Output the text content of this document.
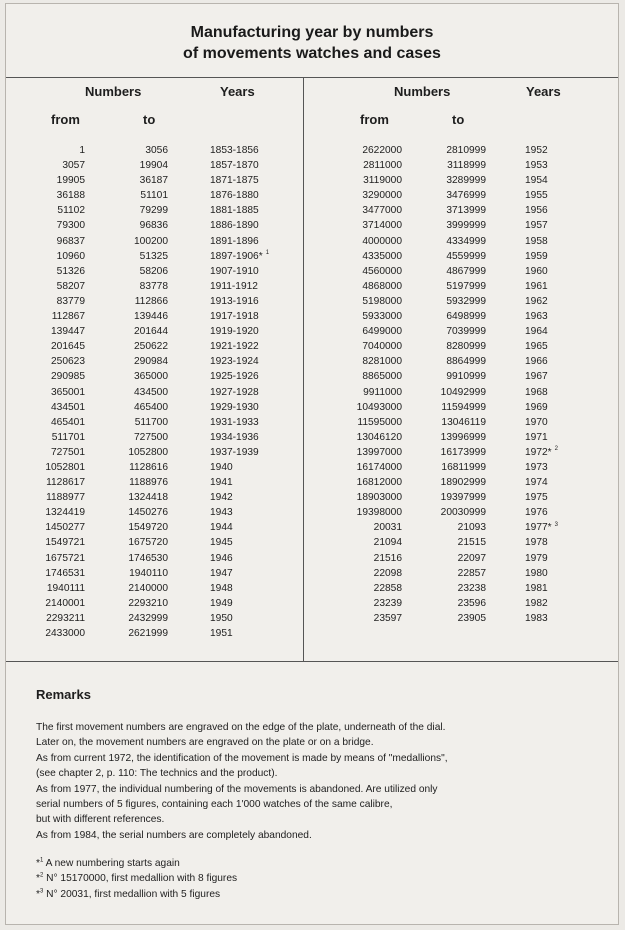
Manufacturing year by numbers
of movements watches and cases
Numbers	Years
from	to
Numbers	Years
from	to
1	3056	1853-1856
3057	19904	1857-1870
19905	36187	1871-1875
36188	51101	1876-1880
51102	79299	1881-1885
79300	96836	1886-1890
96837	100200	1891-1896
10960	51325	1897-1906* $^1$
51326	58206	1907-1910
58207	83778	1911-1912
83779	112866	1913-1916
112867	139446	1917-1918
139447	201644	1919-1920
201645	250622	1921-1922
250623	290984	1923-1924
290985	365000	1925-1926
365001	434500	1927-1928
434501	465400	1929-1930
465401	511700	1931-1933
511701	727500	1934-1936
727501	1052800	1937-1939
1052801	1128616	1940
1128617	1188976	1941
1188977	1324418	1942
1324419	1450276	1943
1450277	1549720	1944
1549721	1675720	1945
1675721	1746530	1946
1746531	1940110	1947
1940111	2140000	1948
2140001	2293210	1949
2293211	2432999	1950
2433000	2621999	1951
2622000	2810999	1952
2811000	3118999	1953
3119000	3289999	1954
3290000	3476999	1955
3477000	3713999	1956
3714000	3999999	1957
4000000	4334999	1958
4335000	4559999	1959
4560000	4867999	1960
4868000	5197999	1961
5198000	5932999	1962
5933000	6498999	1963
6499000	7039999	1964
7040000	8280999	1965
8281000	8864999	1966
8865000	9910999	1967
9911000	10492999	1968
10493000	11594999	1969
11595000	13046119	1970
13046120	13996999	1971
13997000	16173999	1972* $^2$
16174000	16811999	1973
16812000	18902999	1974
18903000	19397999	1975
19398000	20030999	1976
20031	21093	1977* $^3$
21094	21515	1978
21516	22097	1979
22098	22857	1980
22858	23238	1981
23239	23596	1982
23597	23905	1983
Remarks
The first movement numbers are engraved on the edge of the plate, underneath of the dial.
Later on, the movement numbers are engraved on the plate or on a bridge.
As from current 1972, the identification of the movement is made by means of "medallions",
(see chapter 2, p. 110: The technics and the product).
As from 1977, the individual numbering of the movements is abandoned. Are utilized only
serial numbers of 5 figures, containing each 1'000 watches of the same calibre,
but with different references.
As from 1984, the serial numbers are completely abandoned.
*$^1$ A new numbering starts again
*$^2$ N° 15170000, first medallion with 8 figures
*$^3$ N° 20031, first medallion with 5 figures
